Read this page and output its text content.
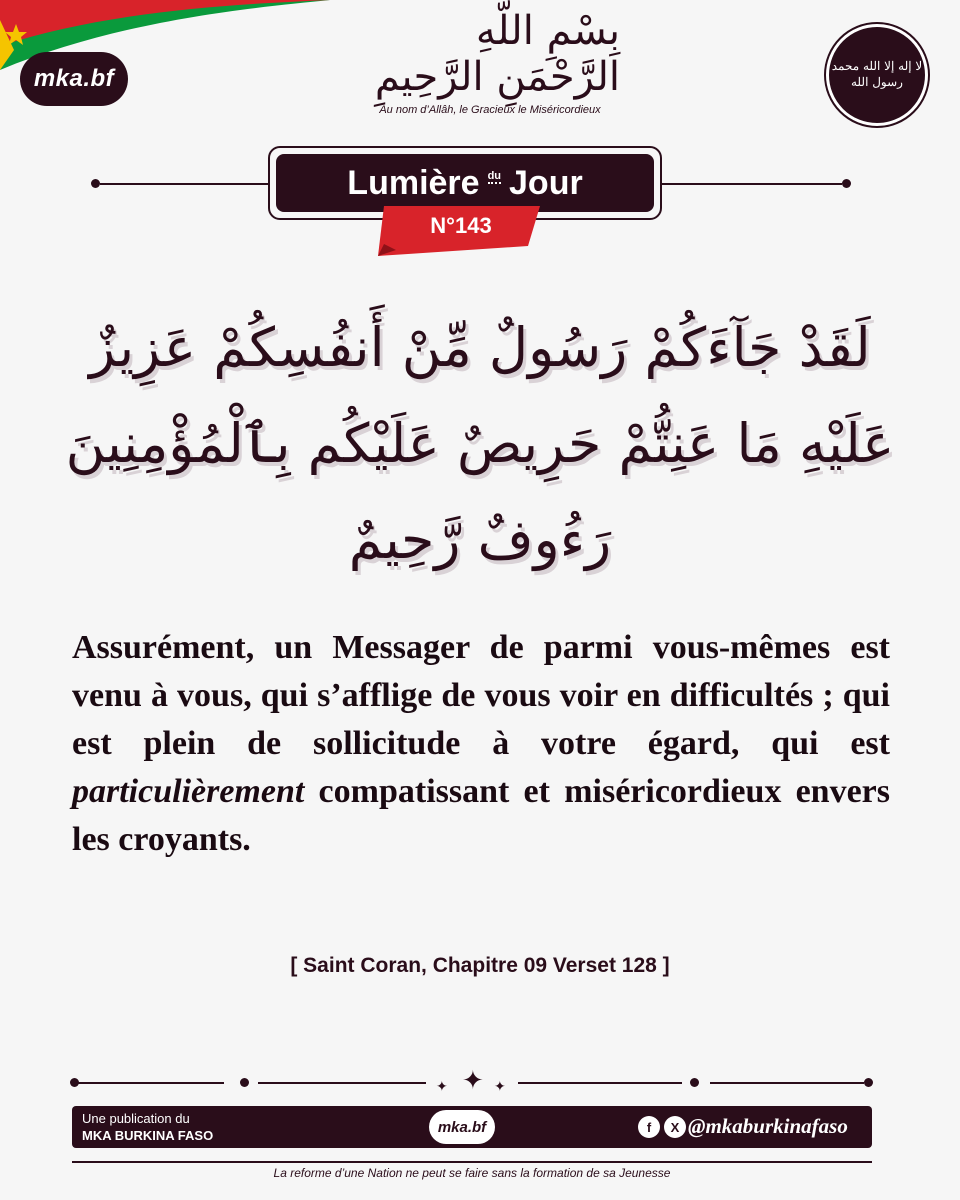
mka.bf
بِسْمِ اللَّهِ الرَّحْمَنِ الرَّحِيمِ
Au nom d’Allâh, le Gracieux le Miséricordieux
لا إله إلا الله محمد رسول الله
Lumière du Jour
N°143
لَقَدْ جَآءَكُمْ رَسُولٌ مِّنْ أَنفُسِكُمْ عَزِيزٌ
عَلَيْهِ مَا عَنِتُّمْ حَرِيصٌ عَلَيْكُم بِٱلْمُؤْمِنِينَ
رَءُوفٌ رَّحِيمٌ
Assurément, un Messager de parmi vous-mêmes est venu à vous, qui s’afflige de vous voir en difficultés ; qui est plein de sollicitude à votre égard, qui est particulièrement compatissant et miséricordieux envers les croyants.
[ Saint Coran, Chapitre 09 Verset 128 ]
✦ ✦ ✦
Une publication du
MKA BURKINA FASO	mka.bf	f	X @mkaburkinafaso
La reforme d’une Nation ne peut se faire sans la formation de sa Jeunesse
